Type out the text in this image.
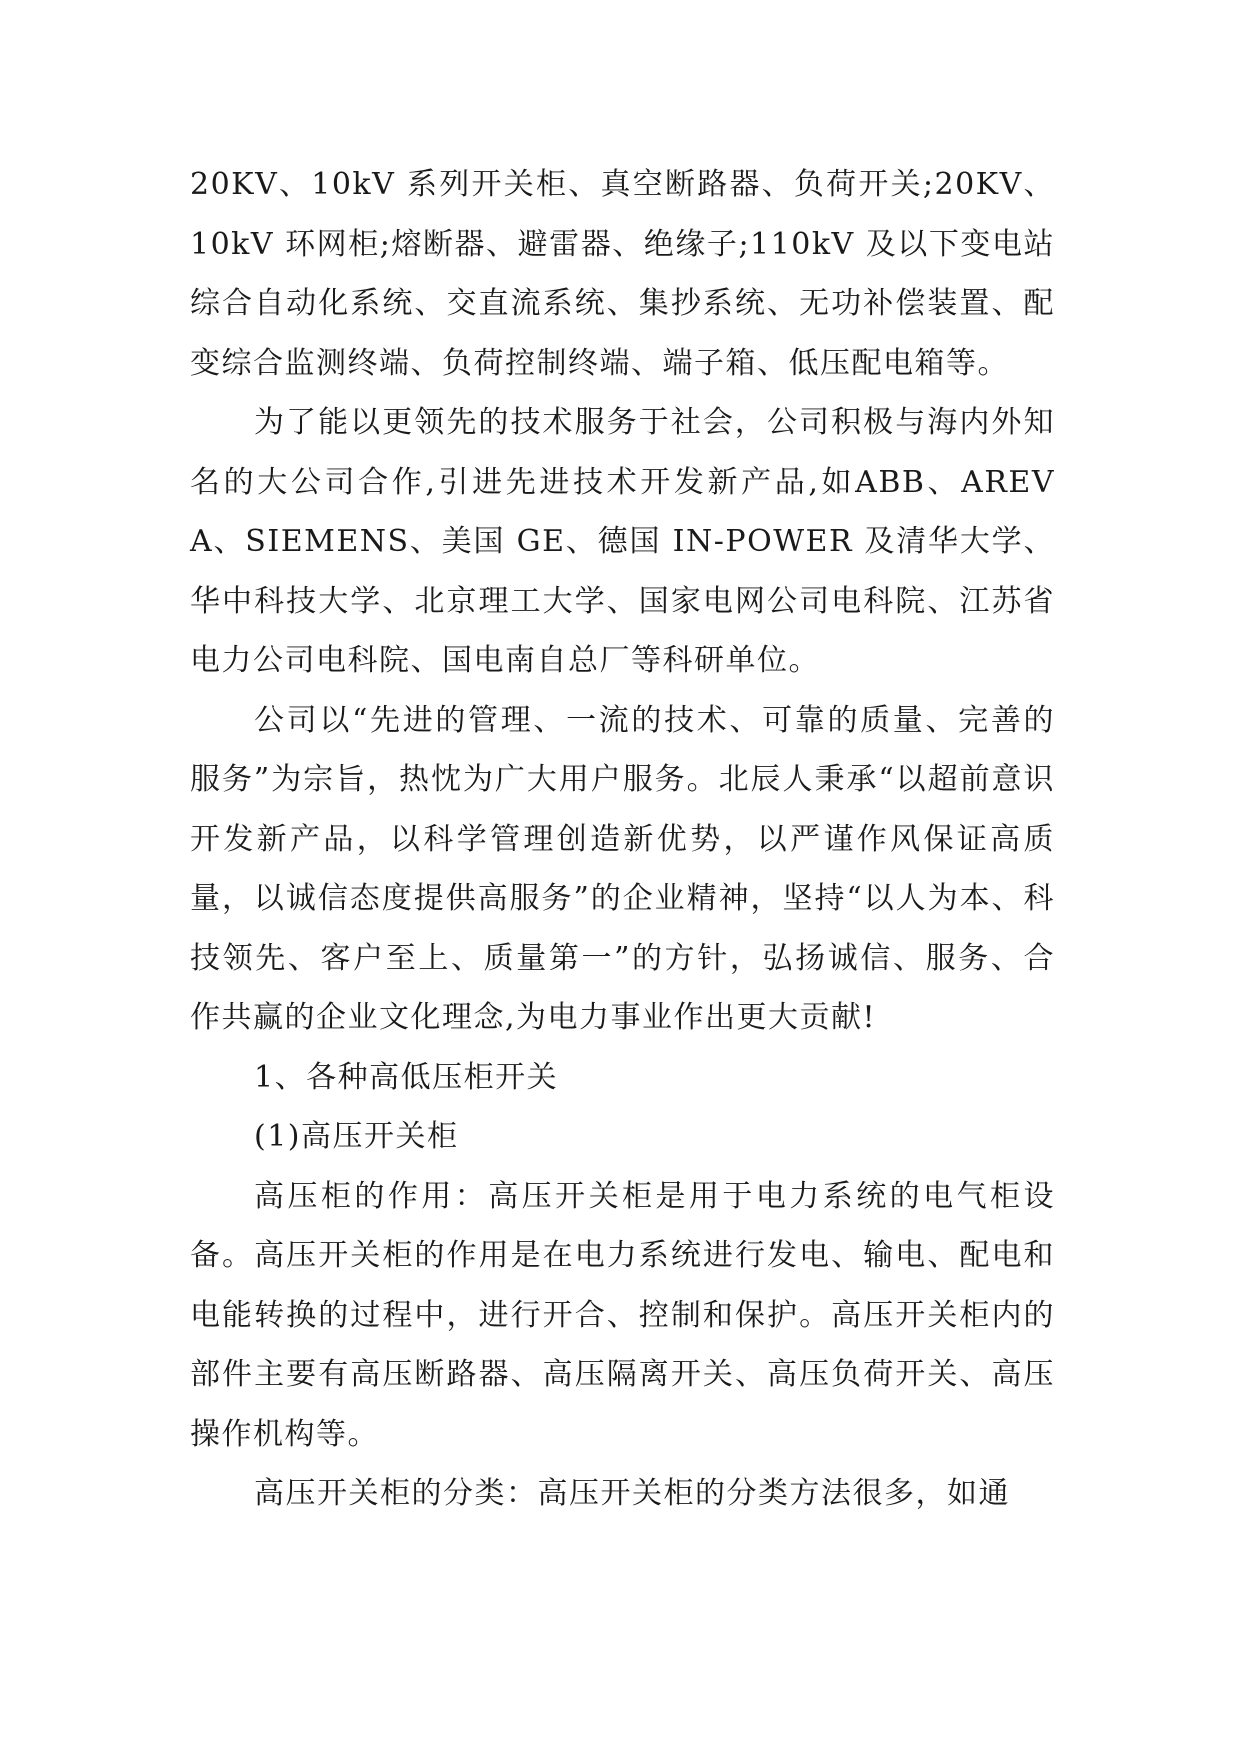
20KV、10kV 系列开关柜、真空断路器、负荷开关;20KV、10kV 环网柜;熔断器、避雷器、绝缘子;110kV 及以下变电站综合自动化系统、交直流系统、集抄系统、无功补偿装置、配变综合监测终端、负荷控制终端、端子箱、低压配电箱等。

为了能以更领先的技术服务于社会，公司积极与海内外知名的大公司合作,引进先进技术开发新产品,如ABB、AREVA、SIEMENS、美国 GE、德国 IN-POWER 及清华大学、华中科技大学、北京理工大学、国家电网公司电科院、江苏省电力公司电科院、国电南自总厂等科研单位。

公司以“先进的管理、一流的技术、可靠的质量、完善的服务”为宗旨，热忱为广大用户服务。北辰人秉承“以超前意识开发新产品，以科学管理创造新优势，以严谨作风保证高质量，以诚信态度提供高服务”的企业精神，坚持“以人为本、科技领先、客户至上、质量第一”的方针，弘扬诚信、服务、合作共赢的企业文化理念,为电力事业作出更大贡献!

1、各种高低压柜开关

(1)高压开关柜

高压柜的作用：高压开关柜是用于电力系统的电气柜设备。高压开关柜的作用是在电力系统进行发电、输电、配电和电能转换的过程中，进行开合、控制和保护。高压开关柜内的部件主要有高压断路器、高压隔离开关、高压负荷开关、高压操作机构等。

高压开关柜的分类：高压开关柜的分类方法很多，如通
